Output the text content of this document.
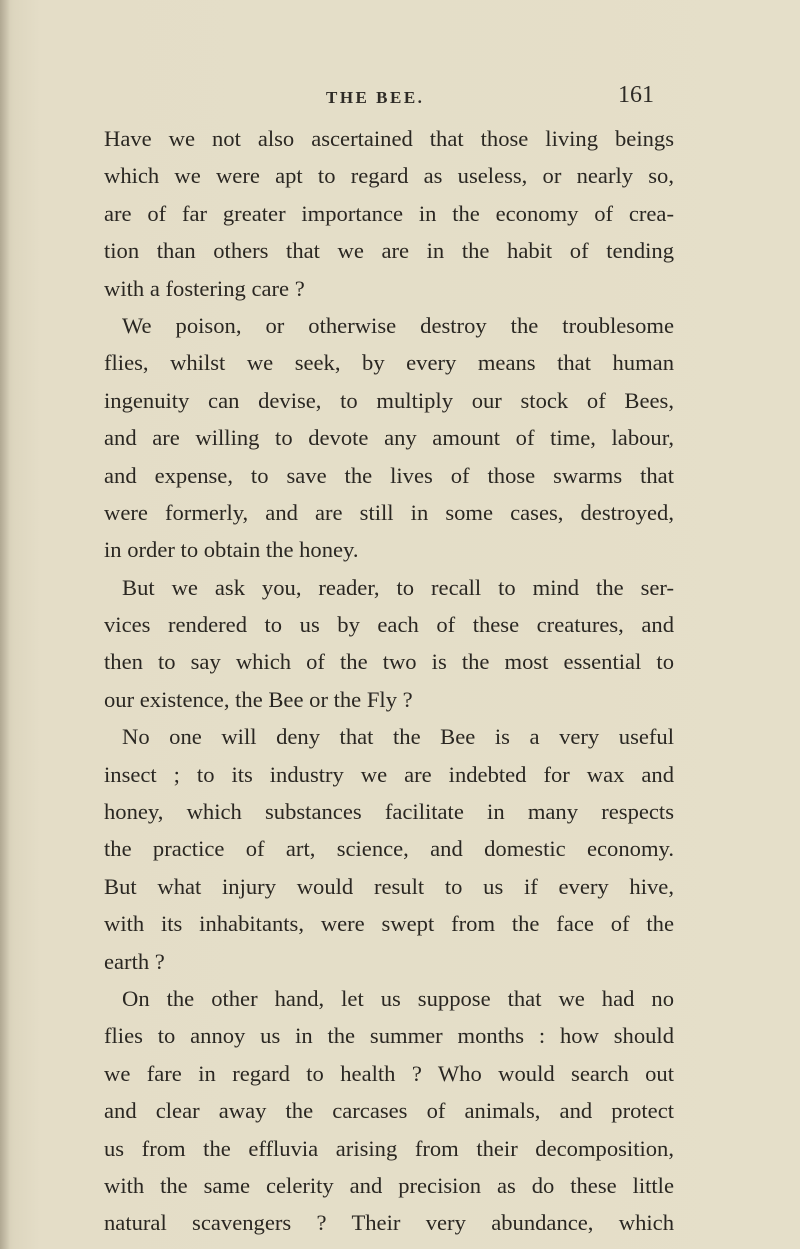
THE BEE.	161
Have we not also ascertained that those living beings
which we were apt to regard as useless, or nearly so,
are of far greater importance in the economy of crea-
tion than others that we are in the habit of tending
with a fostering care ?
We poison, or otherwise destroy the troublesome
flies, whilst we seek, by every means that human
ingenuity can devise, to multiply our stock of Bees,
and are willing to devote any amount of time, labour,
and expense, to save the lives of those swarms that
were formerly, and are still in some cases, destroyed,
in order to obtain the honey.
But we ask you, reader, to recall to mind the ser-
vices rendered to us by each of these creatures, and
then to say which of the two is the most essential to
our existence, the Bee or the Fly ?
No one will deny that the Bee is a very useful
insect ; to its industry we are indebted for wax and
honey, which substances facilitate in many respects
the practice of art, science, and domestic economy.
But what injury would result to us if every hive,
with its inhabitants, were swept from the face of the
earth ?
On the other hand, let us suppose that we had no
flies to annoy us in the summer months : how should
we fare in regard to health ? Who would search out
and clear away the carcases of animals, and protect
us from the effluvia arising from their decomposition,
with the same celerity and precision as do these little
natural scavengers ? Their very abundance, which
